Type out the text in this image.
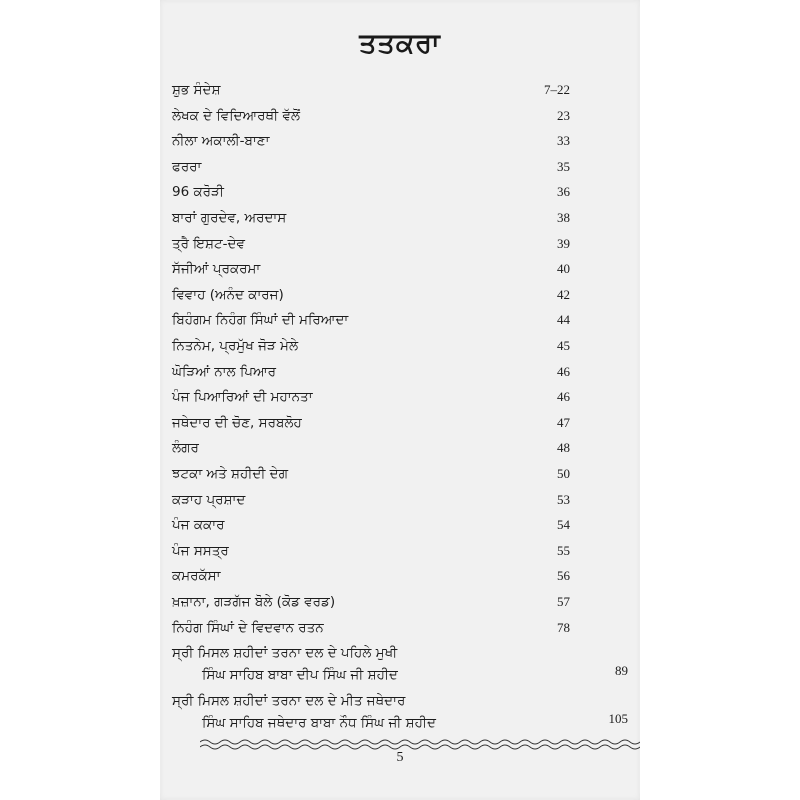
ਤਤਕਰਾ
ਸ਼ੁਭ ਸੰਦੇਸ਼	7–22
ਲੇਖਕ ਦੇ ਵਿਦਿਆਰਥੀ ਵੱਲੋਂ	23
ਨੀਲਾ ਅਕਾਲੀ-ਬਾਣਾ	33
ਫਰਰਾ	35
96 ਕਰੋੜੀ	36
ਬਾਰਾਂ ਗੁਰਦੇਵ, ਅਰਦਾਸ	38
ਤ੍ਰੈ ਇਸ਼ਟ-ਦੇਵ	39
ਸੱਜੀਆਂ ਪ੍ਰਕਰਮਾ	40
ਵਿਵਾਹ (ਅਨੰਦ ਕਾਰਜ)	42
ਬਿਹੰਗਮ ਨਿਹੰਗ ਸਿੰਘਾਂ ਦੀ ਮਰਿਆਦਾ	44
ਨਿਤਨੇਮ, ਪ੍ਰਮੁੱਖ ਜੋੜ ਮੇਲੇ	45
ਘੋੜਿਆਂ ਨਾਲ ਪਿਆਰ	46
ਪੰਜ ਪਿਆਰਿਆਂ ਦੀ ਮਹਾਨਤਾ	46
ਜਥੇਦਾਰ ਦੀ ਚੋਣ, ਸਰਬਲੋਹ	47
ਲੰਗਰ	48
ਝਟਕਾ ਅਤੇ ਸ਼ਹੀਦੀ ਦੇਗ	50
ਕੜਾਹ ਪ੍ਰਸ਼ਾਦ	53
ਪੰਜ ਕਕਾਰ	54
ਪੰਜ ਸਸਤ੍ਰ	55
ਕਮਰਕੱਸਾ	56
ਖ਼ਜ਼ਾਨਾ, ਗੜਗੱਜ ਬੋਲੇ (ਕੋਡ ਵਰਡ)	57
ਨਿਹੰਗ ਸਿੰਘਾਂ ਦੇ ਵਿਦਵਾਨ ਰਤਨ	78
ਸ੍ਰੀ ਮਿਸਲ ਸ਼ਹੀਦਾਂ ਤਰਨਾ ਦਲ ਦੇ ਪਹਿਲੇ ਮੁਖੀ
ਸਿੰਘ ਸਾਹਿਬ ਬਾਬਾ ਦੀਪ ਸਿੰਘ ਜੀ ਸ਼ਹੀਦ	89
ਸ੍ਰੀ ਮਿਸਲ ਸ਼ਹੀਦਾਂ ਤਰਨਾ ਦਲ ਦੇ ਮੀਤ ਜਥੇਦਾਰ
ਸਿੰਘ ਸਾਹਿਬ ਜਥੇਦਾਰ ਬਾਬਾ ਨੌਧ ਸਿੰਘ ਜੀ ਸ਼ਹੀਦ	105
5
